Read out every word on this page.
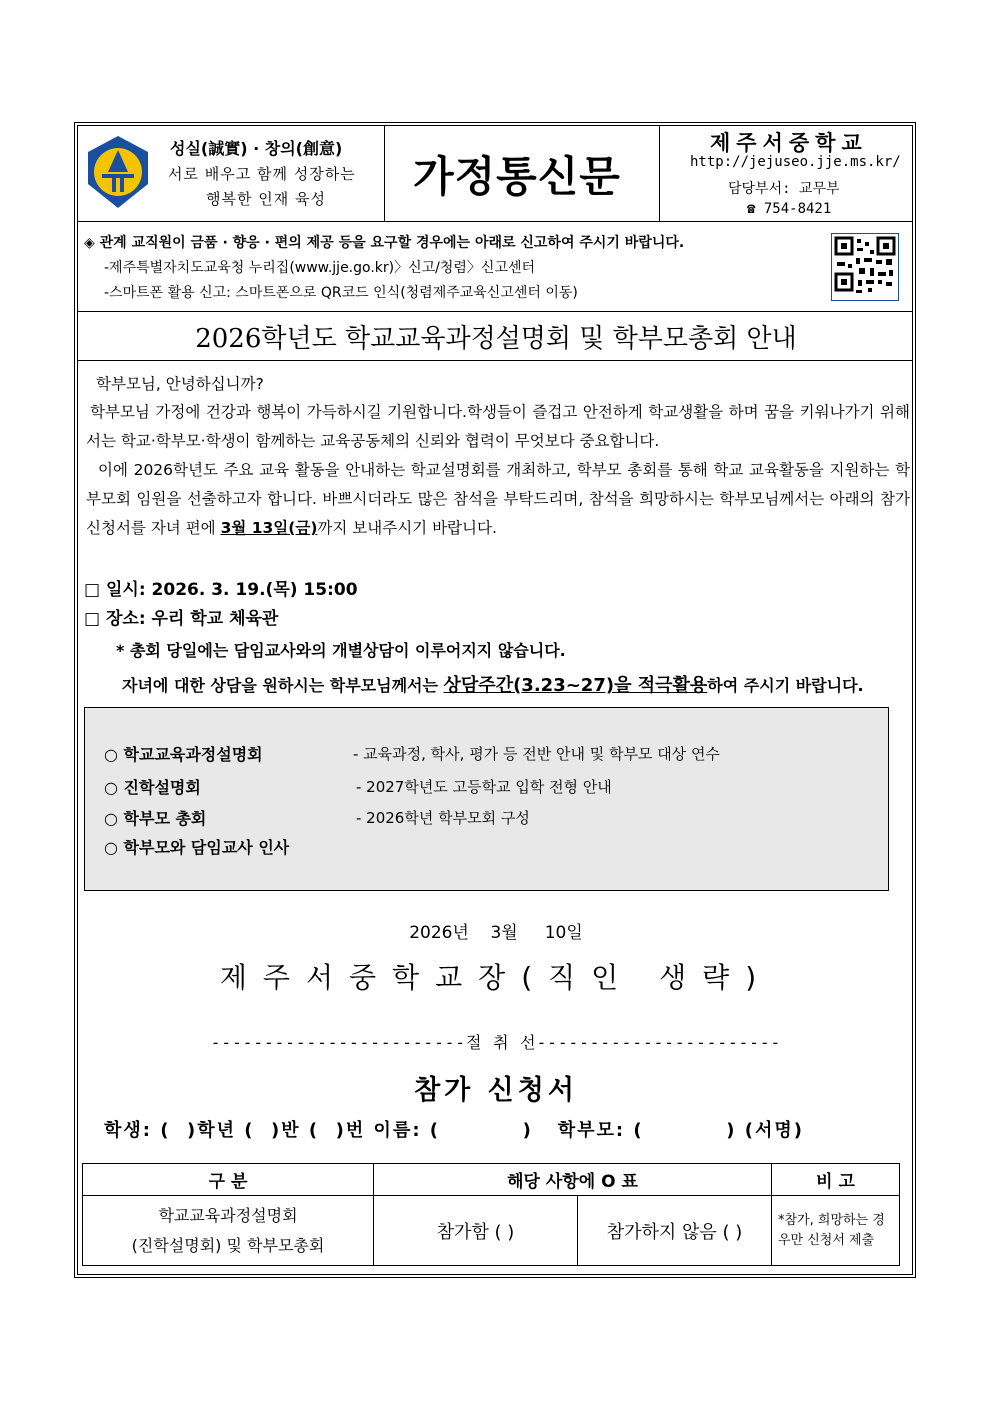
성실(誠實) · 창의(創意)
서로 배우고 함께 성장하는
행복한 인재 육성 가정통신문
제주서중학교
http://jejuseo.jje.ms.kr/
담당부서: 교무부
☎ 754-8421
◈ 관계 교직원이 금품 · 향응 · 편의 제공 등을 요구할 경우에는 아래로 신고하여 주시기 바랍니다.
-제주특별자치도교육청 누리집(www.jje.go.kr)〉신고/청렴〉신고센터
-스마트폰 활용 신고: 스마트폰으로 QR코드 인식(청렴제주교육신고센터 이동)
2026학년도 학교교육과정설명회 및 학부모총회 안내
학부모님, 안녕하십니까?
학부모님 가정에 건강과 행복이 가득하시길 기원합니다.학생들이 즐겁고 안전하게 학교생활을 하며 꿈을 키워나가기 위해서는 학교·학부모·학생이 함께하는 교육공동체의 신뢰와 협력이 무엇보다 중요합니다.
이에 2026학년도 주요 교육 활동을 안내하는 학교설명회를 개최하고, 학부모 총회를 통해 학교 교육활동을 지원하는 학부모회 임원을 선출하고자 합니다. 바쁘시더라도 많은 참석을 부탁드리며, 참석을 희망하시는 학부모님께서는 아래의 참가신청서를 자녀 편에 3월 13일(금)까지 보내주시기 바랍니다.
□ 일시: 2026. 3. 19.(목) 15:00
□ 장소: 우리 학교 체육관
* 총회 당일에는 담임교사와의 개별상담이 이루어지지 않습니다.
자녀에 대한 상담을 원하시는 학부모님께서는 상담주간(3.23~27)을 적극활용하여 주시기 바랍니다.
○ 학교교육과정설명회	- 교육과정, 학사, 평가 등 전반 안내 및 학부모 대상 연수
○ 진학설명회	- 2027학년도 고등학교 입학 전형 안내
○ 학부모 총회	- 2026학년 학부모회 구성
○ 학부모와 담임교사 인사
2026년    3월     10일
제주서중학교장(직인 생략)
------------------------절 취 선-----------------------
참가 신청서
학생: (  )학년 (  )반 (  )번 이름: (          )   학부모: (          ) (서명)
구 분	해당 사항에 O 표		비 고

학교교육과정설명회
(진학설명회) 및 학부모총회	참가함 ( )	참가하지 않음 ( )	*참가, 희망하는 경우만 신청서 제출
